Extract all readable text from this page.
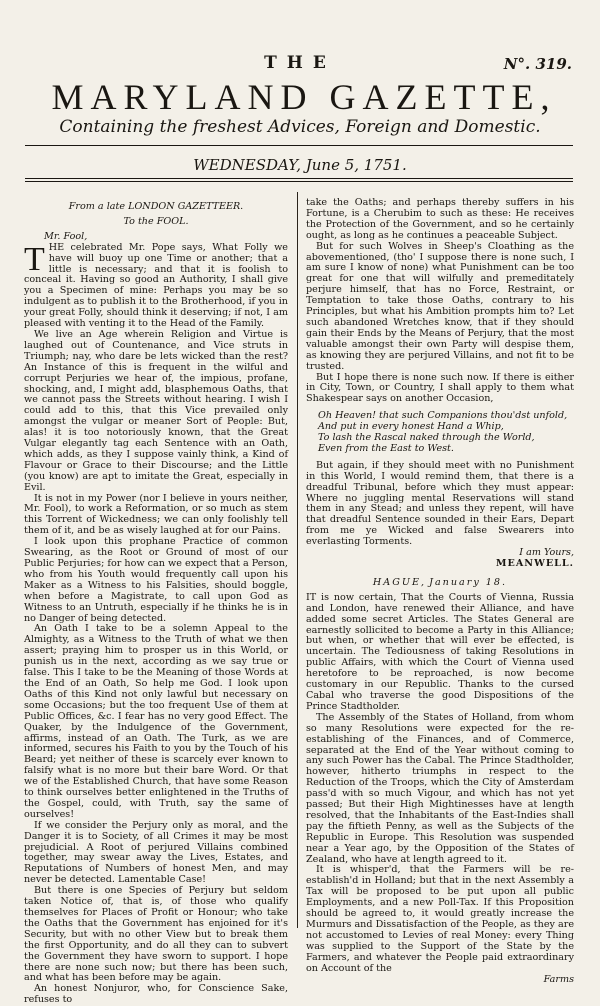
THE	N°. 319.
MARYLAND GAZETTE,
Containing the freshest Advices, Foreign and Domestic.
WEDNESDAY, June 5, 1751.

From a late LONDON GAZETTEER.

To the FOOL.

Mr. Fool,

T HE celebrated Mr. Pope says, What Folly we have will buoy up one Time or another; that a little is necessary; and that it is foolish to conceal it. Having so good an Authority, I shall give you a Specimen of mine: Perhaps you may be so indulgent as to publish it to the Brotherhood, if you in your great Folly, should think it deserving; if not, I am pleased with venting it to the Head of the Family.

We live an Age wherein Religion and Virtue is laughed out of Countenance, and Vice struts in Triumph; nay, who dare be lets wicked than the rest? An Instance of this is frequent in the wilful and corrupt Perjuries we hear of, the impious, profane, shocking, and, I might add, blasphemous Oaths, that we cannot pass the Streets without hearing. I wish I could add to this, that this Vice prevailed only amongst the vulgar or meaner Sort of People: But, alas! it is too notoriously known, that the Great Vulgar elegantly tag each Sentence with an Oath, which adds, as they I suppose vainly think, a Kind of Flavour or Grace to their Discourse; and the Little (you know) are apt to imitate the Great, especially in Evil.

It is not in my Power (nor I believe in yours neither, Mr. Fool), to work a Reformation, or so much as stem this Torrent of Wickedness; we can only foolishly tell them of it, and be as wisely laughed at for our Pains.

I look upon this prophane Practice of common Swearing, as the Root or Ground of most of our Public Perjuries; for how can we expect that a Person, who from his Youth would frequently call upon his Maker as a Witness to his Falsities, should boggle, when before a Magistrate, to call upon God as Witness to an Untruth, especially if he thinks he is in no Danger of being detected.

An Oath I take to be a solemn Appeal to the Almighty, as a Witness to the Truth of what we then assert; praying him to prosper us in this World, or punish us in the next, according as we say true or false. This I take to be the Meaning of those Words at the End of an Oath, So help me God. I look upon Oaths of this Kind not only lawful but necessary on some Occasions; but the too frequent Use of them at Public Offices, &c. I fear has no very good Effect. The Quaker, by the Indulgence of the Government, affirms, instead of an Oath. The Turk, as we are informed, secures his Faith to you by the Touch of his Beard; yet neither of these is scarcely ever known to falsify what is no more but their bare Word. Or that we of the Established Church, that have some Reason to think ourselves better enlightened in the Truths of the Gospel, could, with Truth, say the same of ourselves!

If we consider the Perjury only as moral, and the Danger it is to Society, of all Crimes it may be most prejudicial. A Root of perjured Villains combined together, may swear away the Lives, Estates, and Reputations of Numbers of honest Men, and may never be detected. Lamentable Case!

But there is one Species of Perjury but seldom taken Notice of, that is, of those who qualify themselves for Places of Profit or Honour; who take the Oaths that the Government has enjoined for it's Security, but with no other View but to break them the first Opportunity, and do all they can to subvert the Government they have sworn to support. I hope there are none such now; but there has been such, and what has been before may be again.

An honest Nonjuror, who, for Conscience Sake, refuses to

take the Oaths; and perhaps thereby suffers in his Fortune, is a Cherubim to such as these: He receives the Protection of the Government, and so he certainly ought, as long as he continues a peaceable Subject.

But for such Wolves in Sheep's Cloathing as the abovementioned, (tho' I suppose there is none such, I am sure I know of none) what Punishment can be too great for one that will wilfully and premeditately perjure himself, that has no Force, Restraint, or Temptation to take those Oaths, contrary to his Principles, but what his Ambition prompts him to? Let such abandoned Wretches know, that if they should gain their Ends by the Means of Perjury, that the most valuable amongst their own Party will despise them, as knowing they are perjured Villains, and not fit to be trusted.

But I hope there is none such now. If there is either in City, Town, or Country, I shall apply to them what Shakespear says on another Occasion,

Oh Heaven! that such Companions thou'dst unfold,

And put in every honest Hand a Whip,

To lash the Rascal naked through the World,

Even from the East to West.

But again, if they should meet with no Punishment in this World, I would remind them, that there is a dreadful Tribunal, before which they must appear: Where no juggling mental Reservations will stand them in any Stead; and unless they repent, will have that dreadful Sentence sounded in their Ears, Depart from me ye Wicked and false Swearers into everlasting Torments.

I am Yours,

MEANWELL.

HAGUE, January 18.

IT is now certain, That the Courts of Vienna, Russia and London, have renewed their Alliance, and have added some secret Articles. The States General are earnestly sollicited to become a Party in this Alliance; but when, or whether that will ever be effected, is uncertain. The Tediousness of taking Resolutions in public Affairs, with which the Court of Vienna used heretofore to be reproached, is now become customary in our Republic. Thanks to the cursed Cabal who traverse the good Dispositions of the Prince Stadtholder.

The Assembly of the States of Holland, from whom so many Resolutions were expected for the re-establishing of the Finances, and of Commerce, separated at the End of the Year without coming to any such Power has the Cabal. The Prince Stadtholder, however, hitherto triumphs in respect to the Reduction of the Troops, which the City of Amsterdam pass'd with so much Vigour, and which has not yet passed; But their High Mightinesses have at length resolved, that the Inhabitants of the East-Indies shall pay the fiftieth Penny, as well as the Subjects of the Republic in Europe. This Resolution was suspended near a Year ago, by the Opposition of the States of Zealand, who have at length agreed to it.

It is whisper'd, that the Farmers will be re-establish'd in Holland; but that in the next Assembly a Tax will be proposed to be put upon all public Employments, and a new Poll-Tax. If this Proposition should be agreed to, it would greatly increase the Murmurs and Dissatisfaction of the People, as they are not accustomed to Levies of real Money: every Thing was supplied to the Support of the State by the Farmers, and whatever the People paid extraordinary on Account of the

Farms
